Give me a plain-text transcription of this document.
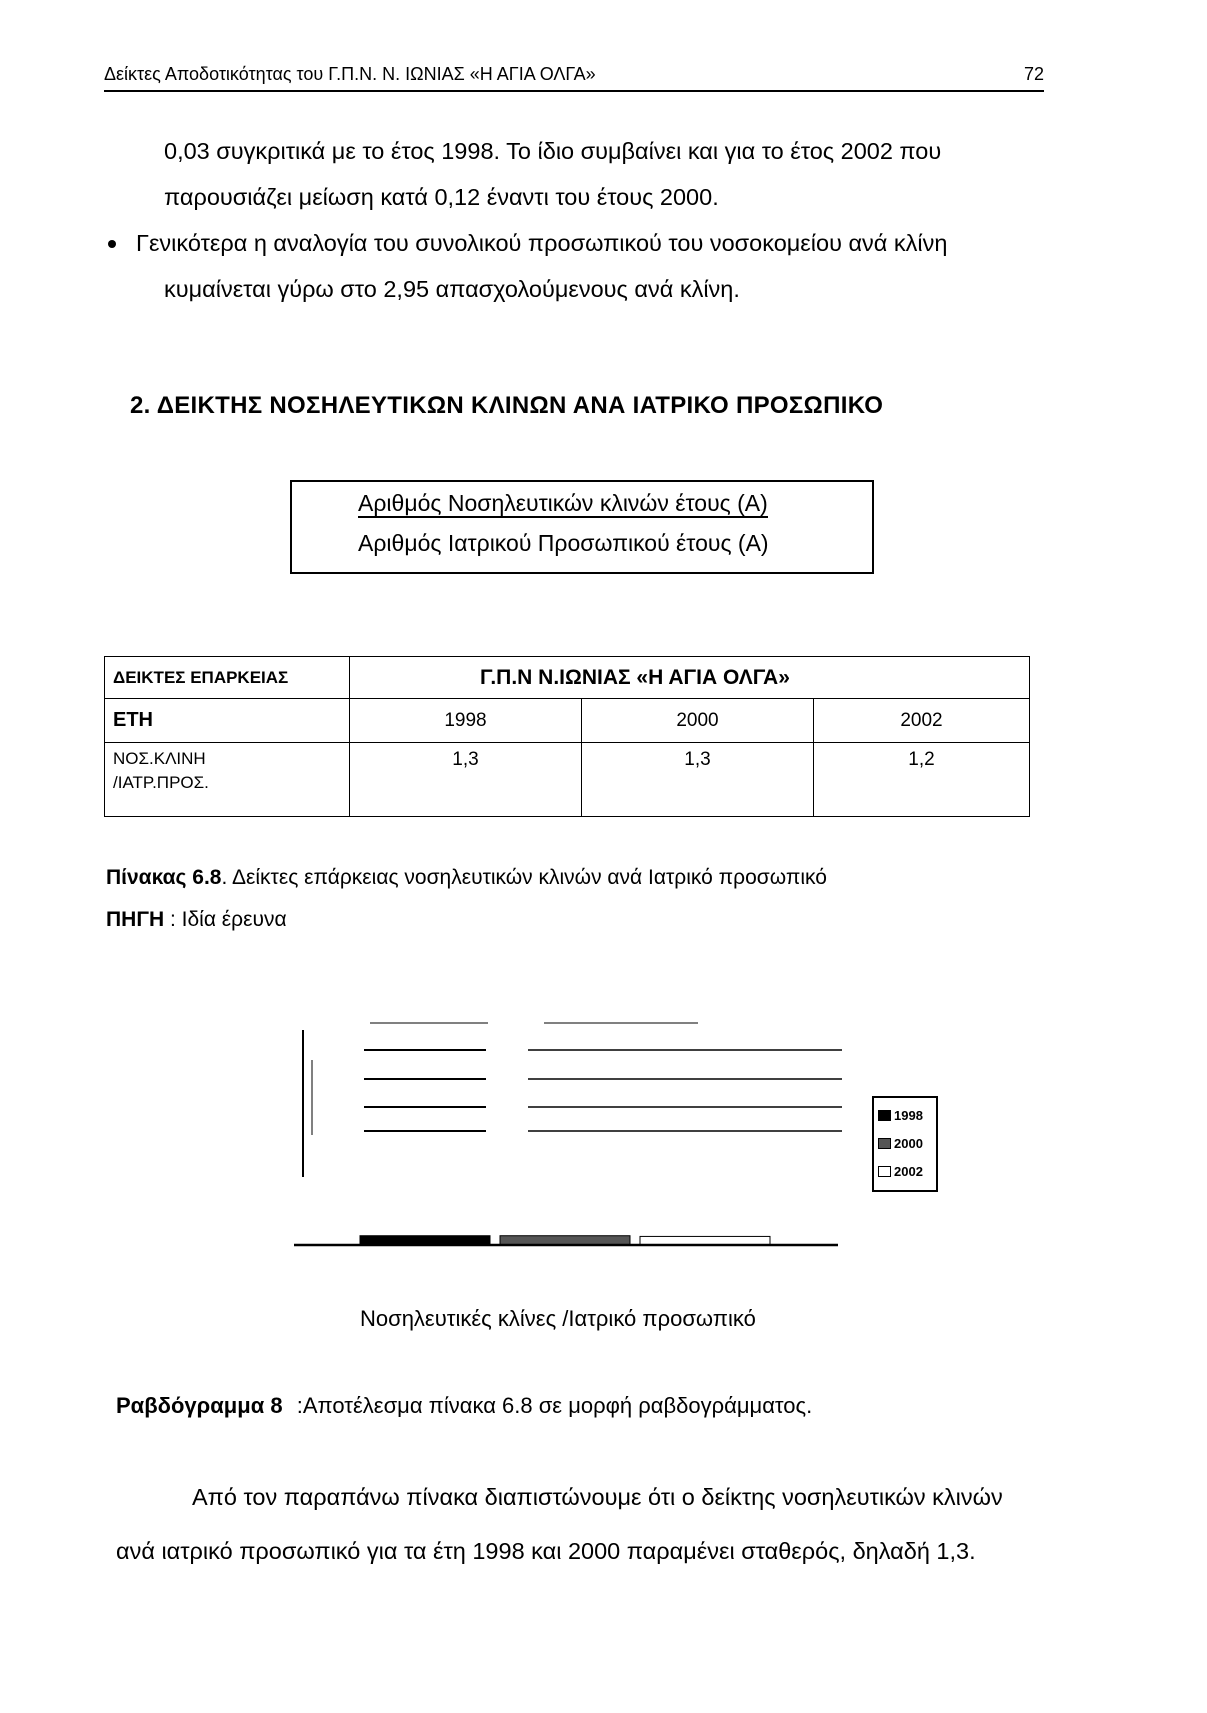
Δείκτες Αποδοτικότητας του Γ.Π.Ν. Ν. ΙΩΝΙΑΣ «Η ΑΓΙΑ ΟΛΓΑ»	72
0,03 συγκριτικά με το έτος 1998. Το ίδιο συμβαίνει και για το έτος 2002 που
παρουσιάζει μείωση κατά 0,12 έναντι του έτους 2000.
Γενικότερα η αναλογία του συνολικού προσωπικού του νοσοκομείου ανά κλίνη
κυμαίνεται γύρω στο 2,95 απασχολούμενους ανά κλίνη.
2. ΔΕΙΚΤΗΣ ΝΟΣΗΛΕΥΤΙΚΩΝ ΚΛΙΝΩΝ ΑΝΑ ΙΑΤΡΙΚΟ ΠΡΟΣΩΠΙΚΟ
Αριθμός Νοσηλευτικών κλινών έτους (Α)
Αριθμός Ιατρικού Προσωπικού έτους (Α)
ΔΕΙΚΤΕΣ ΕΠΑΡΚΕΙΑΣ	Γ.Π.Ν Ν.ΙΩΝΙΑΣ «Η ΑΓΙΑ ΟΛΓΑ»		
ΕΤΗ	1998	2000	2002

ΝΟΣ.ΚΛΙΝΗ
/ΙΑΤΡ.ΠΡΟΣ.	1,3	1,3	1,2
Πίνακας 6.8. Δείκτες επάρκειας νοσηλευτικών κλινών ανά Ιατρικό προσωπικό
ΠΗΓΗ : Ιδία έρευνα
1998
2000
2002
Νοσηλευτικές κλίνες /Ιατρικό προσωπικό
Ραβδόγραμμα 8 :Αποτέλεσμα πίνακα 6.8 σε μορφή ραβδογράμματος.
Από τον παραπάνω πίνακα διαπιστώνουμε ότι ο δείκτης νοσηλευτικών κλινών
ανά ιατρικό προσωπικό για τα έτη 1998 και 2000 παραμένει σταθερός, δηλαδή 1,3.
